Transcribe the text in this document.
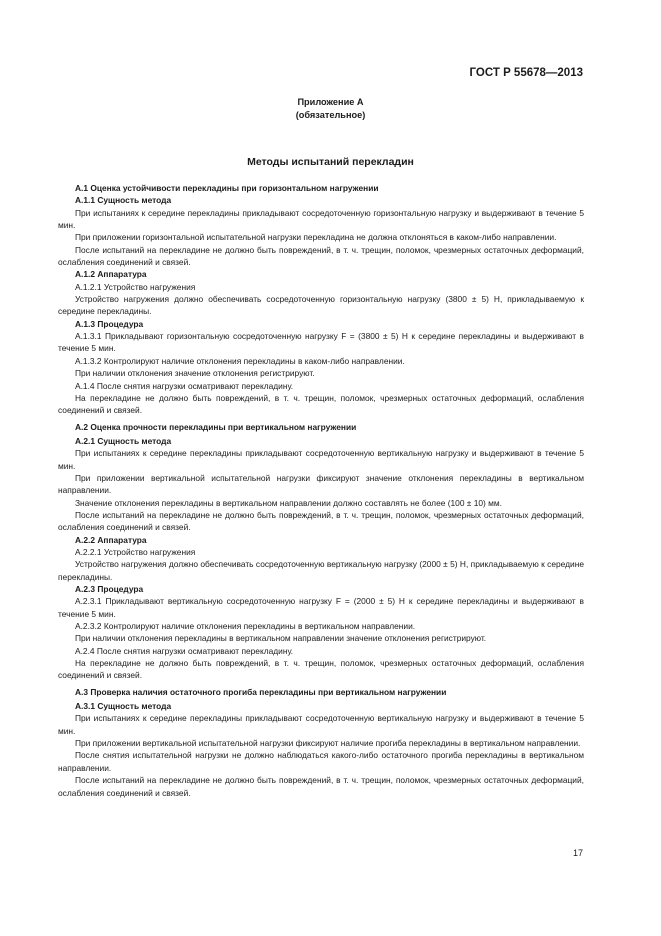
ГОСТ Р 55678—2013
Приложение А
(обязательное)
Методы испытаний перекладин
А.1 Оценка устойчивости перекладины при горизонтальном нагружении
А.1.1 Сущность метода
При испытаниях к середине перекладины прикладывают сосредоточенную горизонтальную нагрузку и выдерживают в течение 5 мин.
При приложении горизонтальной испытательной нагрузки перекладина не должна отклоняться в каком-либо направлении.
После испытаний на перекладине не должно быть повреждений, в т. ч. трещин, поломок, чрезмерных остаточных деформаций, ослабления соединений и связей.
А.1.2 Аппаратура
А.1.2.1 Устройство нагружения
Устройство нагружения должно обеспечивать сосредоточенную горизонтальную нагрузку (3800 ± 5) Н, прикладываемую к середине перекладины.
А.1.3 Процедура
А.1.3.1 Прикладывают горизонтальную сосредоточенную нагрузку F = (3800 ± 5) Н к середине перекладины и выдерживают в течение 5 мин.
А.1.3.2 Контролируют наличие отклонения перекладины в каком-либо направлении.
При наличии отклонения значение отклонения регистрируют.
А.1.4 После снятия нагрузки осматривают перекладину.
На перекладине не должно быть повреждений, в т. ч. трещин, поломок, чрезмерных остаточных деформаций, ослабления соединений и связей.
А.2 Оценка прочности перекладины при вертикальном нагружении
А.2.1 Сущность метода
При испытаниях к середине перекладины прикладывают сосредоточенную вертикальную нагрузку и выдерживают в течение 5 мин.
При приложении вертикальной испытательной нагрузки фиксируют значение отклонения перекладины в вертикальном направлении.
Значение отклонения перекладины в вертикальном направлении должно составлять не более (100 ± 10) мм.
После испытаний на перекладине не должно быть повреждений, в т. ч. трещин, поломок, чрезмерных остаточных деформаций, ослабления соединений и связей.
А.2.2 Аппаратура
А.2.2.1 Устройство нагружения
Устройство нагружения должно обеспечивать сосредоточенную вертикальную нагрузку (2000 ± 5) Н, прикладываемую к середине перекладины.
А.2.3 Процедура
А.2.3.1 Прикладывают вертикальную сосредоточенную нагрузку F = (2000 ± 5) Н к середине перекладины и выдерживают в течение 5 мин.
А.2.3.2 Контролируют наличие отклонения перекладины в вертикальном направлении.
При наличии отклонения перекладины в вертикальном направлении значение отклонения регистрируют.
А.2.4 После снятия нагрузки осматривают перекладину.
На перекладине не должно быть повреждений, в т. ч. трещин, поломок, чрезмерных остаточных деформаций, ослабления соединений и связей.
А.3 Проверка наличия остаточного прогиба перекладины при вертикальном нагружении
А.3.1 Сущность метода
При испытаниях к середине перекладины прикладывают сосредоточенную вертикальную нагрузку и выдерживают в течение 5 мин.
При приложении вертикальной испытательной нагрузки фиксируют наличие прогиба перекладины в вертикальном направлении.
После снятия испытательной нагрузки не должно наблюдаться какого-либо остаточного прогиба перекладины в вертикальном направлении.
После испытаний на перекладине не должно быть повреждений, в т. ч. трещин, поломок, чрезмерных остаточных деформаций, ослабления соединений и связей.
17
